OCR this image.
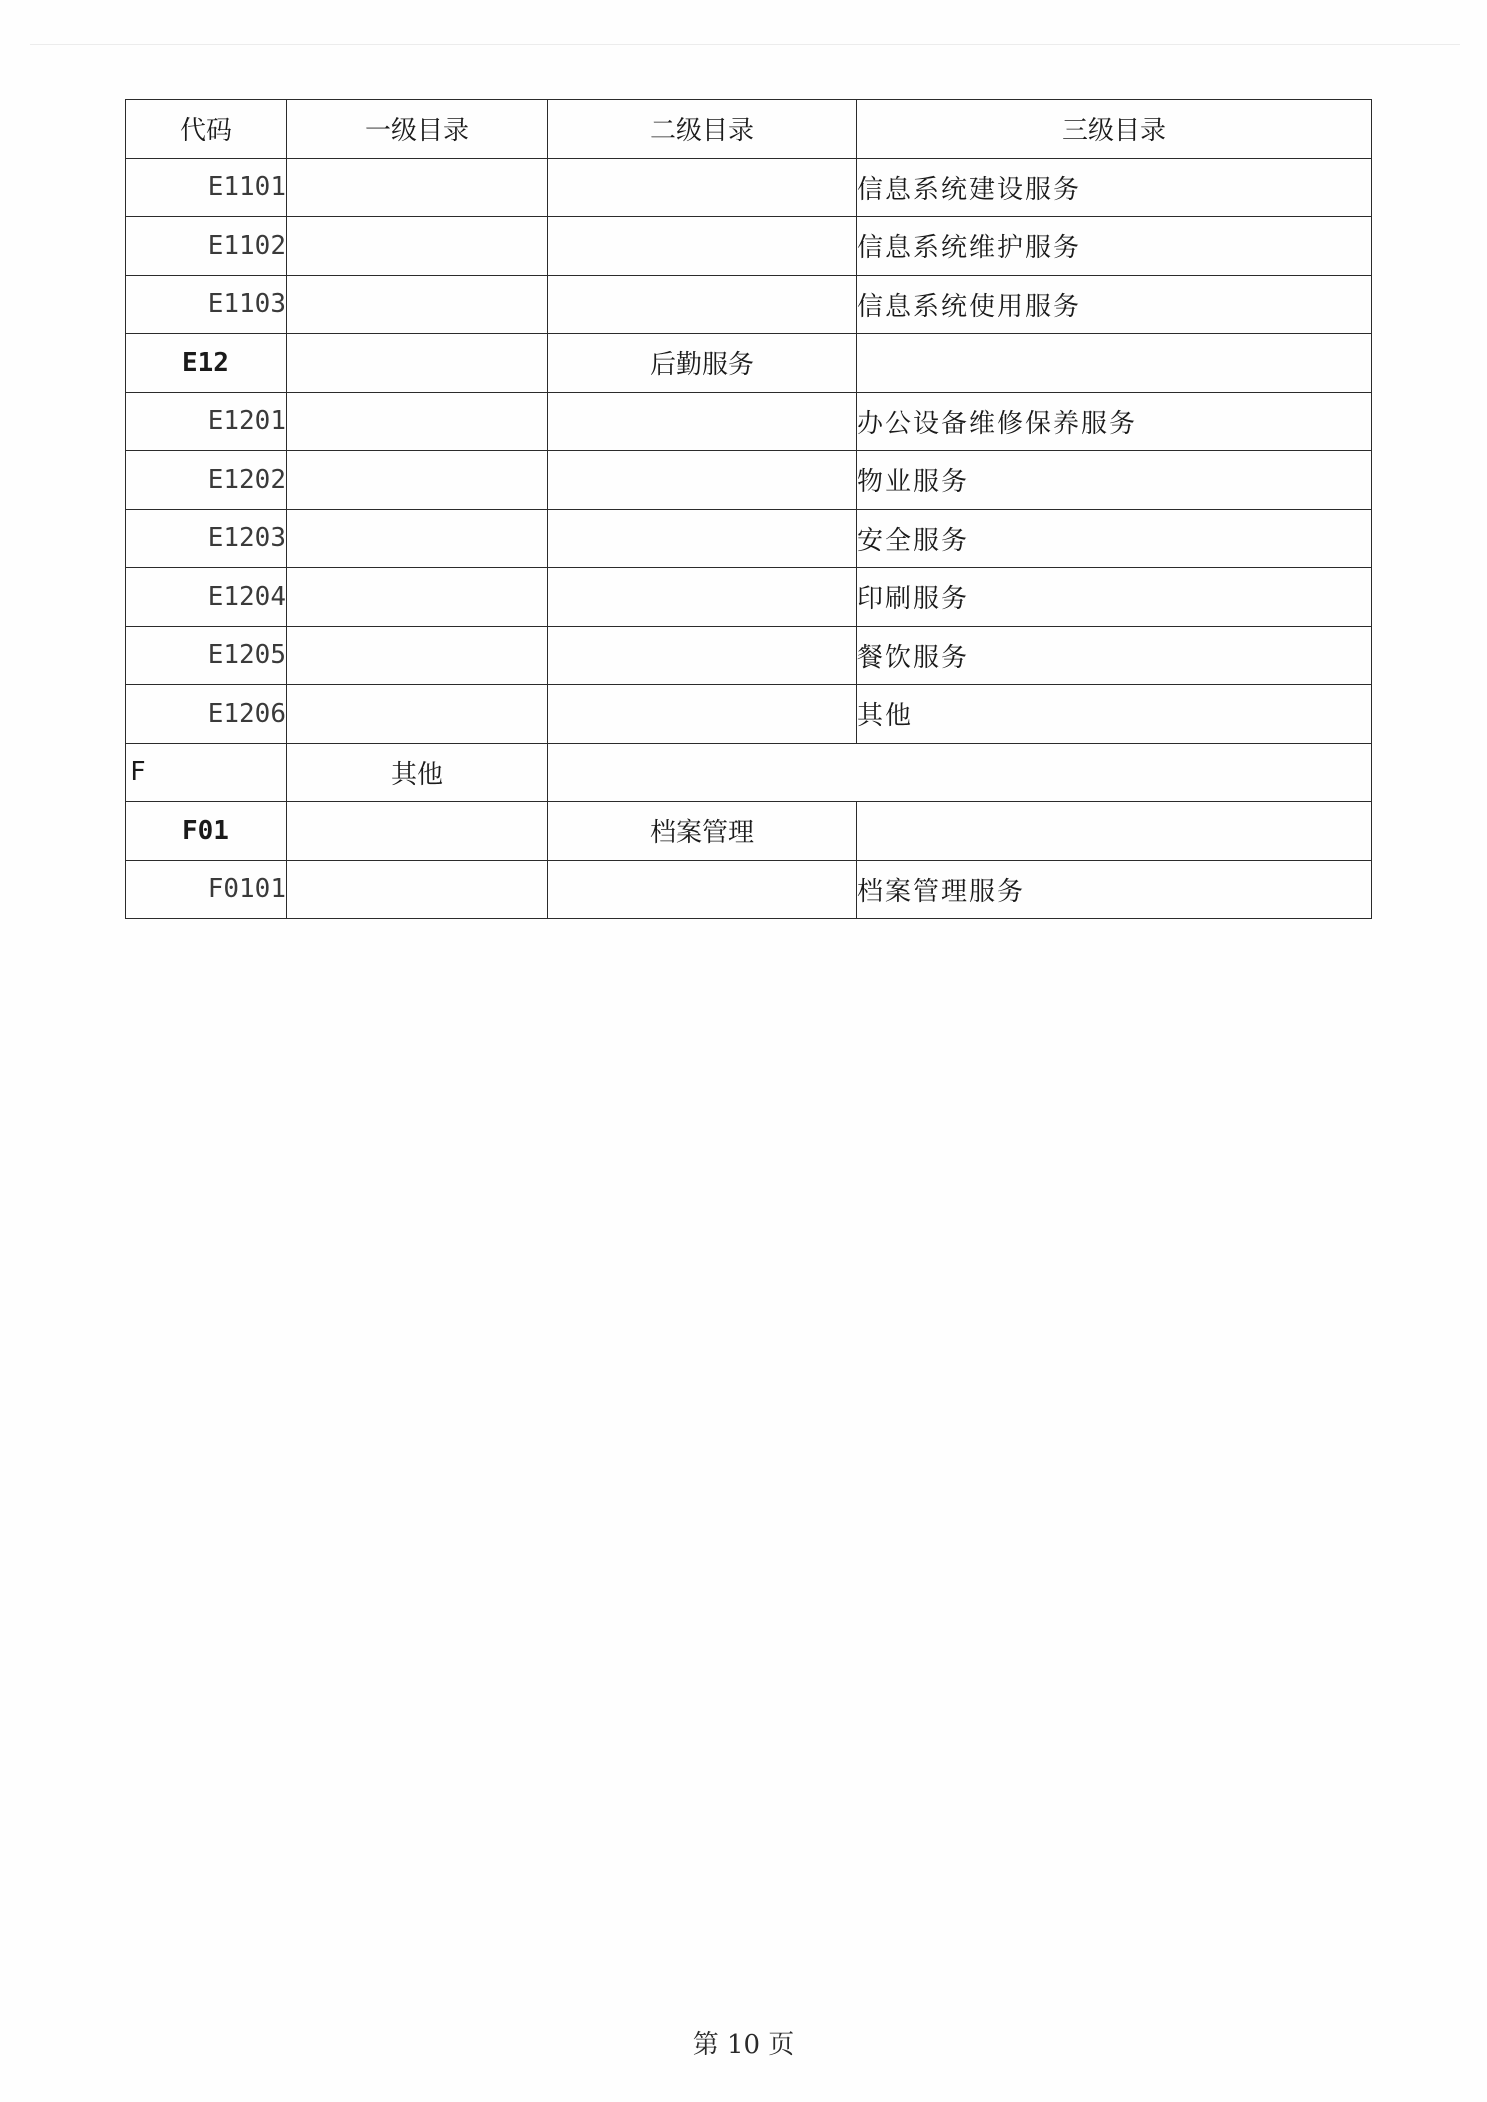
代码	一级目录	二级目录	三级目录
E1101			信息系统建设服务
E1102			信息系统维护服务
E1103			信息系统使用服务
E12		后勤服务	
E1201			办公设备维修保养服务
E1202			物业服务
E1203			安全服务
E1204			印刷服务
E1205			餐饮服务
E1206			其他
F	其他		
F01		档案管理	
F0101			档案管理服务
第 10 页
